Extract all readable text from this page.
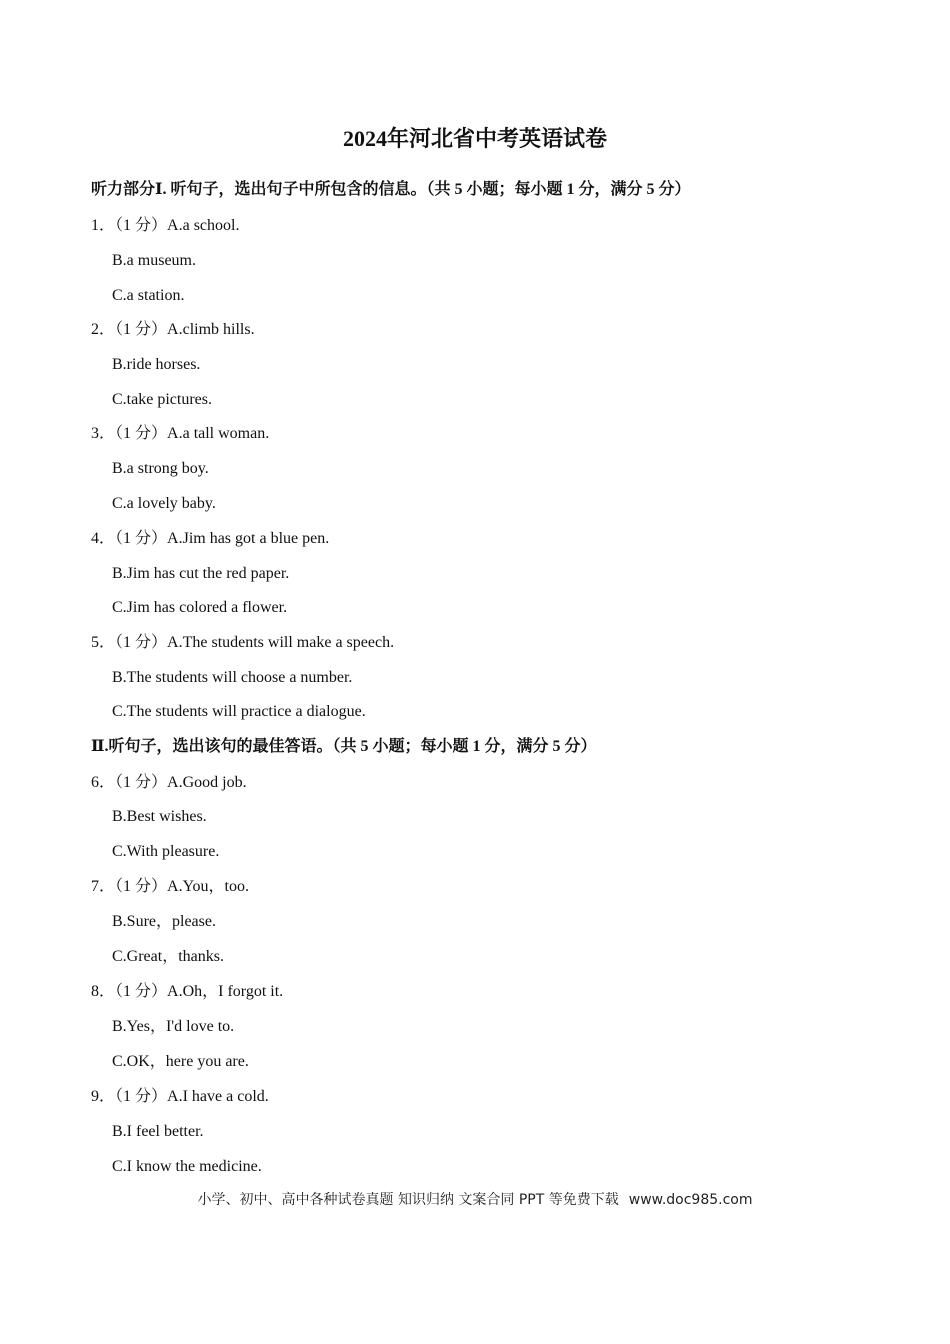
2024年河北省中考英语试卷
听力部分Ⅰ. 听句子，选出句子中所包含的信息。（共 5 小题；每小题 1 分，满分 5 分）
1．（1 分）A.a school.
B.a museum.
C.a station.
2．（1 分）A.climb hills.
B.ride horses.
C.take pictures.
3．（1 分）A.a tall woman.
B.a strong boy.
C.a lovely baby.
4．（1 分）A.Jim has got a blue pen.
B.Jim has cut the red paper.
C.Jim has colored a flower.
5．（1 分）A.The students will make a speech.
B.The students will choose a number.
C.The students will practice a dialogue.
Ⅱ.听句子，选出该句的最佳答语。（共 5 小题；每小题 1 分，满分 5 分）
6．（1 分）A.Good job.
B.Best wishes.
C.With pleasure.
7．（1 分）A.You，too.
B.Sure，please.
C.Great，thanks.
8．（1 分）A.Oh，I forgot it.
B.Yes，I'd love to.
C.OK，here you are.
9．（1 分）A.I have a cold.
B.I feel better.
C.I know the medicine.
小学、初中、高中各种试卷真题 知识归纳 文案合同 PPT 等免费下载 www.doc985.com
